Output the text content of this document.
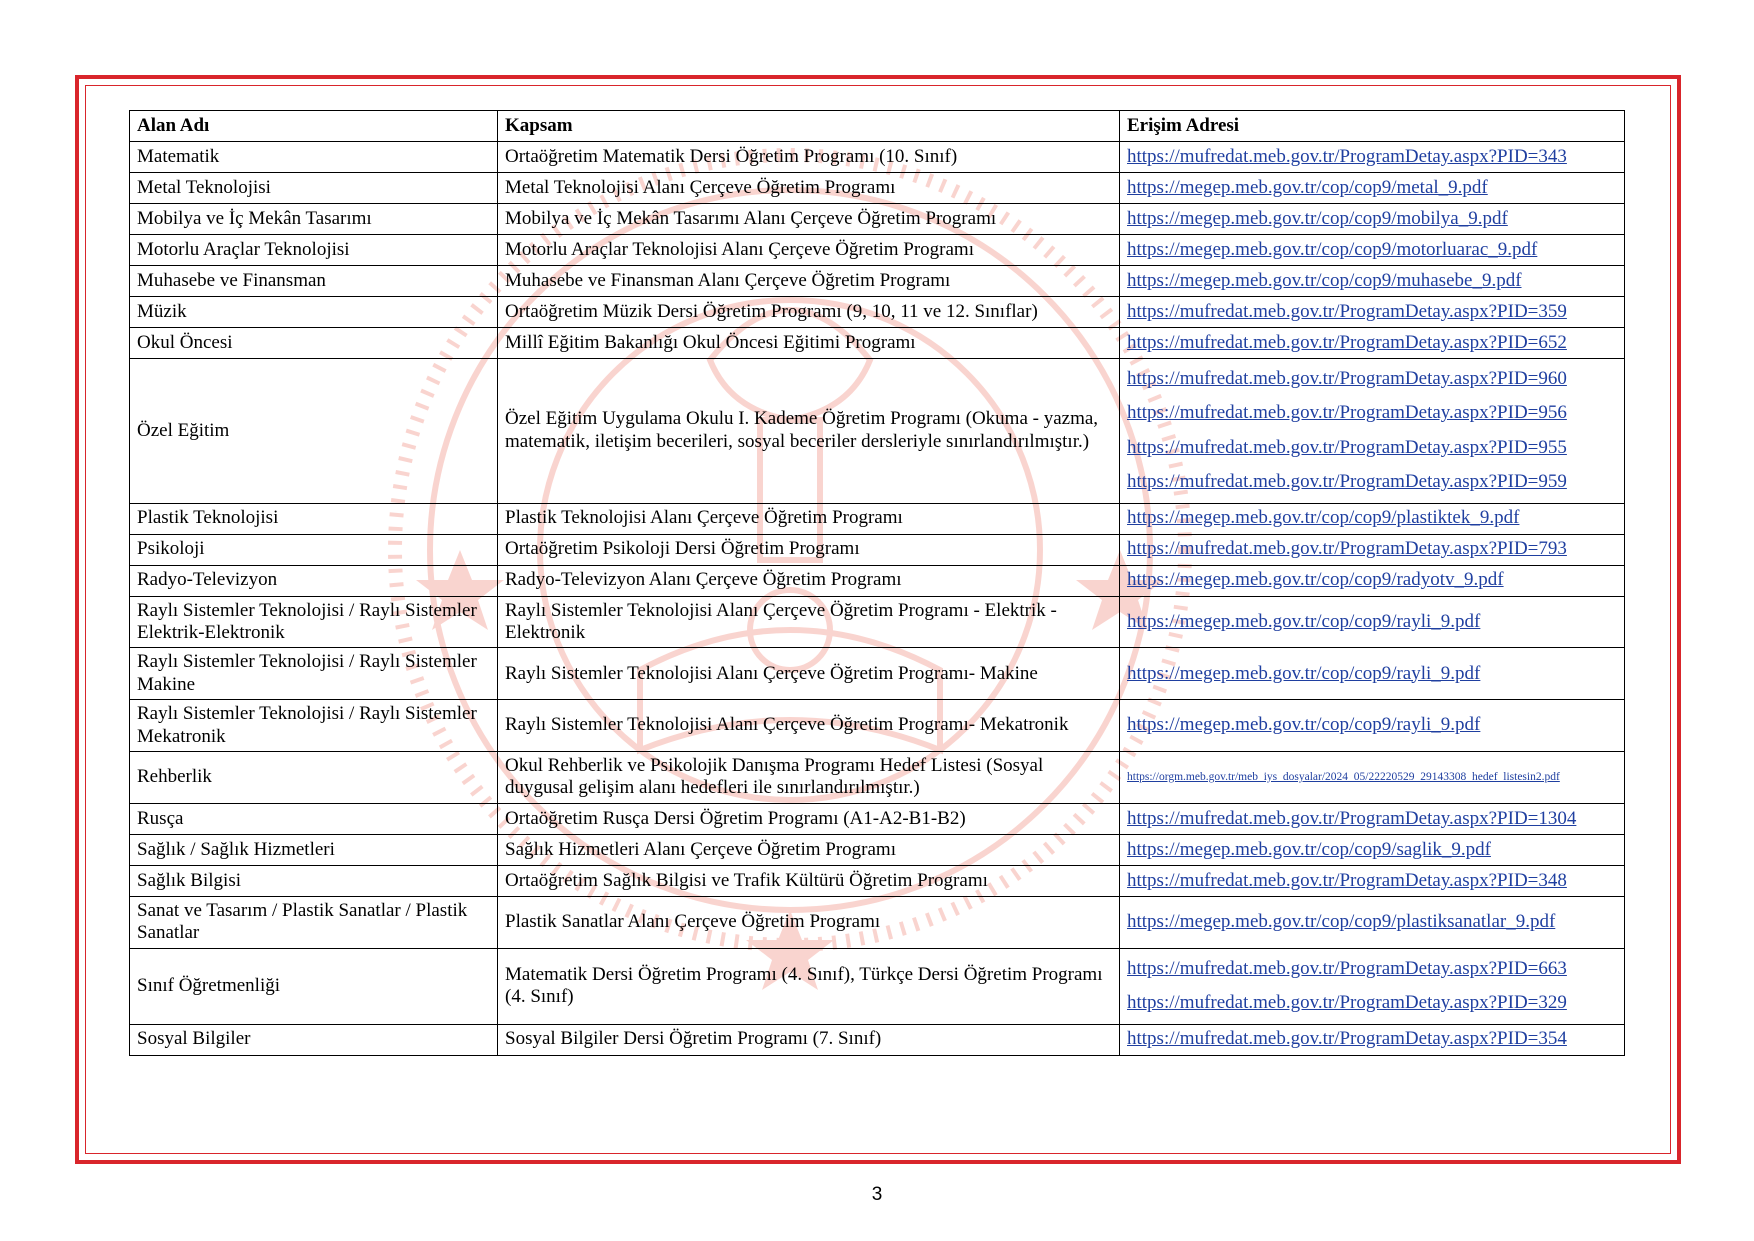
Alan Adı	Kapsam	Erişim Adresi
Matematik	Ortaöğretim Matematik Dersi Öğretim Programı (10. Sınıf)	https://mufredat.meb.gov.tr/ProgramDetay.aspx?PID=343

Metal Teknolojisi	Metal Teknolojisi Alanı Çerçeve Öğretim Programı	https://megep.meb.gov.tr/cop/cop9/metal_9.pdf

Mobilya ve İç Mekân Tasarımı	Mobilya ve İç Mekân Tasarımı Alanı Çerçeve Öğretim Programı	https://megep.meb.gov.tr/cop/cop9/mobilya_9.pdf

Motorlu Araçlar Teknolojisi	Motorlu Araçlar Teknolojisi Alanı Çerçeve Öğretim Programı	https://megep.meb.gov.tr/cop/cop9/motorluarac_9.pdf

Muhasebe ve Finansman	Muhasebe ve Finansman Alanı Çerçeve Öğretim Programı	https://megep.meb.gov.tr/cop/cop9/muhasebe_9.pdf

Müzik	Ortaöğretim Müzik Dersi Öğretim Programı (9, 10, 11 ve 12. Sınıflar)	https://mufredat.meb.gov.tr/ProgramDetay.aspx?PID=359

Okul Öncesi	Millî Eğitim Bakanlığı Okul Öncesi Eğitimi Programı	https://mufredat.meb.gov.tr/ProgramDetay.aspx?PID=652

Özel Eğitim	Özel Eğitim Uygulama Okulu I. Kademe Öğretim Programı (Okuma - yazma, matematik, iletişim becerileri, sosyal beceriler dersleriyle sınırlandırılmıştır.)	https://mufredat.meb.gov.tr/ProgramDetay.aspx?PID=960
https://mufredat.meb.gov.tr/ProgramDetay.aspx?PID=956
https://mufredat.meb.gov.tr/ProgramDetay.aspx?PID=955
https://mufredat.meb.gov.tr/ProgramDetay.aspx?PID=959

Plastik Teknolojisi	Plastik Teknolojisi Alanı Çerçeve Öğretim Programı	https://megep.meb.gov.tr/cop/cop9/plastiktek_9.pdf

Psikoloji	Ortaöğretim Psikoloji Dersi Öğretim Programı	https://mufredat.meb.gov.tr/ProgramDetay.aspx?PID=793

Radyo-Televizyon	Radyo-Televizyon Alanı Çerçeve Öğretim Programı	https://megep.meb.gov.tr/cop/cop9/radyotv_9.pdf

Raylı Sistemler Teknolojisi / Raylı Sistemler Elektrik-Elektronik	Raylı Sistemler Teknolojisi Alanı Çerçeve Öğretim Programı - Elektrik - Elektronik	https://megep.meb.gov.tr/cop/cop9/rayli_9.pdf

Raylı Sistemler Teknolojisi / Raylı Sistemler Makine	Raylı Sistemler Teknolojisi Alanı Çerçeve Öğretim Programı- Makine	https://megep.meb.gov.tr/cop/cop9/rayli_9.pdf

Raylı Sistemler Teknolojisi / Raylı Sistemler Mekatronik	Raylı Sistemler Teknolojisi Alanı Çerçeve Öğretim Programı- Mekatronik	https://megep.meb.gov.tr/cop/cop9/rayli_9.pdf

Rehberlik	Okul Rehberlik ve Psikolojik Danışma Programı Hedef Listesi (Sosyal duygusal gelişim alanı hedefleri ile sınırlandırılmıştır.)	https://orgm.meb.gov.tr/meb_iys_dosyalar/2024_05/22220529_29143308_hedef_listesin2.pdf

Rusça	Ortaöğretim Rusça Dersi Öğretim Programı (A1-A2-B1-B2)	https://mufredat.meb.gov.tr/ProgramDetay.aspx?PID=1304

Sağlık / Sağlık Hizmetleri	Sağlık Hizmetleri Alanı Çerçeve Öğretim Programı	https://megep.meb.gov.tr/cop/cop9/saglik_9.pdf

Sağlık Bilgisi	Ortaöğretim Sağlık Bilgisi ve Trafik Kültürü Öğretim Programı	https://mufredat.meb.gov.tr/ProgramDetay.aspx?PID=348

Sanat ve Tasarım / Plastik Sanatlar / Plastik Sanatlar	Plastik Sanatlar Alanı Çerçeve Öğretim Programı	https://megep.meb.gov.tr/cop/cop9/plastiksanatlar_9.pdf

Sınıf Öğretmenliği	Matematik Dersi Öğretim Programı (4. Sınıf), Türkçe Dersi Öğretim Programı (4. Sınıf)	https://mufredat.meb.gov.tr/ProgramDetay.aspx?PID=663
https://mufredat.meb.gov.tr/ProgramDetay.aspx?PID=329

Sosyal Bilgiler	Sosyal Bilgiler Dersi Öğretim Programı (7. Sınıf)	https://mufredat.meb.gov.tr/ProgramDetay.aspx?PID=354
3
